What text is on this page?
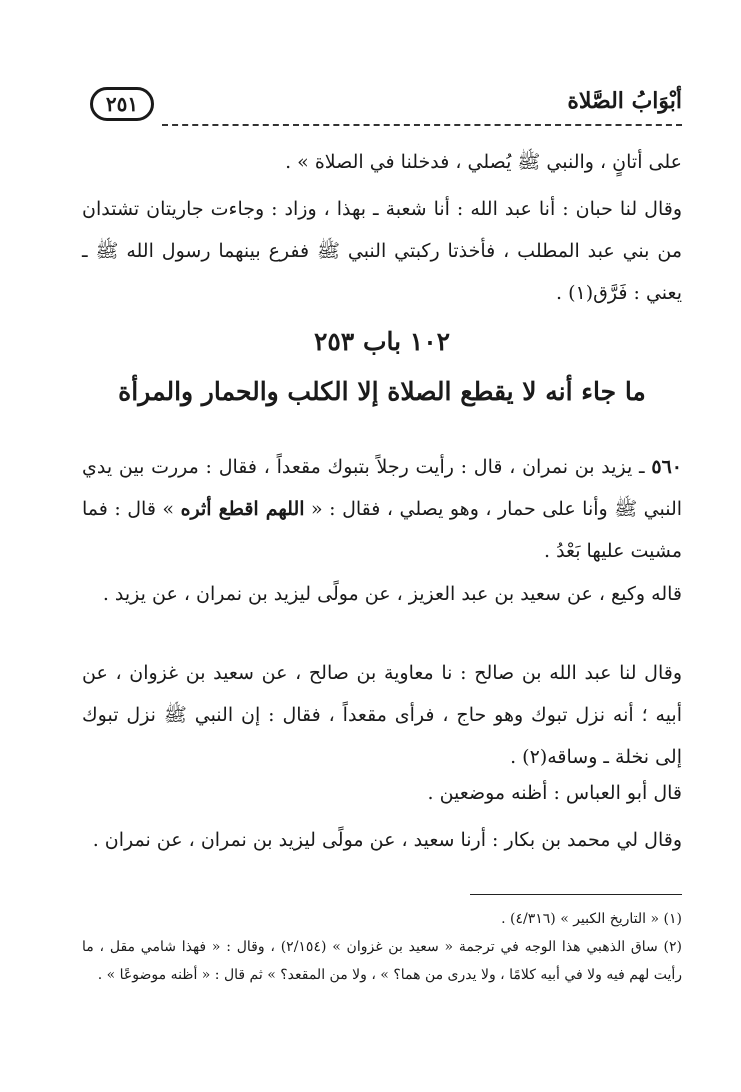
أبْوَابُ الصَّلاة
٢٥١

على أتانٍ ، والنبي ﷺ يُصلي ، فدخلنا في الصلاة » .

وقال لنا حبان : أنا عبد الله : أنا شعبة ـ بهذا ، وزاد : وجاءت جاريتان تشتدان من بني عبد المطلب ، فأخذتا ركبتي النبي ﷺ ففرع بينهما رسول الله ﷺ ـ يعني : فَرَّق(١) .

١٠٢ باب ٢٥٣
ما جاء أنه لا يقطع الصلاة إلا الكلب والحمار والمرأة

٥٦٠ ـ يزيد بن نمران ، قال : رأيت رجلاً بتبوك مقعداً ، فقال : مررت بين يدي النبي ﷺ وأنا على حمار ، وهو يصلي ، فقال : « اللهم اقطع أثره » قال : فما مشيت عليها بَعْدُ .

قاله وكيع ، عن سعيد بن عبد العزيز ، عن مولًى ليزيد بن نمران ، عن يزيد .

وقال لنا عبد الله بن صالح : نا معاوية بن صالح ، عن سعيد بن غزوان ، عن أبيه ؛ أنه نزل تبوك وهو حاج ، فرأى مقعداً ، فقال : إن النبي ﷺ نزل تبوك إلى نخلة ـ وساقه(٢) .

قال أبو العباس : أظنه موضعين .

وقال لي محمد بن بكار : أرنا سعيد ، عن مولًى ليزيد بن نمران ، عن نمران .

(١) « التاريخ الكبير » (٤/٣١٦) .

(٢) ساق الذهبي هذا الوجه في ترجمة « سعيد بن غزوان » (٢/١٥٤) ، وقال : « فهذا شامي مقل ، ما رأيت لهم فيه ولا في أبيه كلامًا ، ولا يدرى من هما؟ » ، ولا من المقعد؟ » ثم قال : « أظنه موضوعًا » .
